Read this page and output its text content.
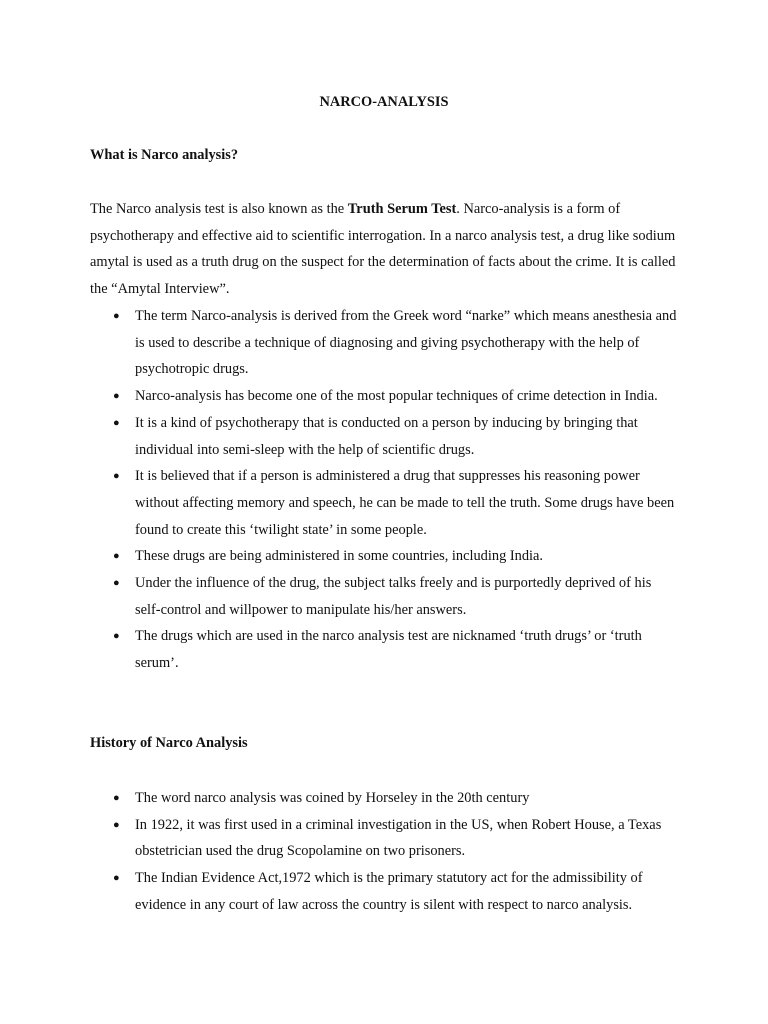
NARCO-ANALYSIS
What is Narco analysis?

The Narco analysis test is also known as the Truth Serum Test. Narco-analysis is a form of psychotherapy and effective aid to scientific interrogation. In a narco analysis test, a drug like sodium amytal is used as a truth drug on the suspect for the determination of facts about the crime. It is called the “Amytal Interview”.

● The term Narco-analysis is derived from the Greek word “narke” which means anesthesia and is used to describe a technique of diagnosing and giving psychotherapy with the help of psychotropic drugs.
● Narco-analysis has become one of the most popular techniques of crime detection in India.
● It is a kind of psychotherapy that is conducted on a person by inducing by bringing that individual into semi-sleep with the help of scientific drugs.
● It is believed that if a person is administered a drug that suppresses his reasoning power without affecting memory and speech, he can be made to tell the truth. Some drugs have been found to create this ‘twilight state’ in some people.
● These drugs are being administered in some countries, including India.
● Under the influence of the drug, the subject talks freely and is purportedly deprived of his self-control and willpower to manipulate his/her answers.
● The drugs which are used in the narco analysis test are nicknamed ‘truth drugs’ or ‘truth serum’.
History of Narco Analysis
● The word narco analysis was coined by Horseley in the 20th century
● In 1922, it was first used in a criminal investigation in the US, when Robert House, a Texas obstetrician used the drug Scopolamine on two prisoners.
● The Indian Evidence Act,1972 which is the primary statutory act for the admissibility of evidence in any court of law across the country is silent with respect to narco analysis.
